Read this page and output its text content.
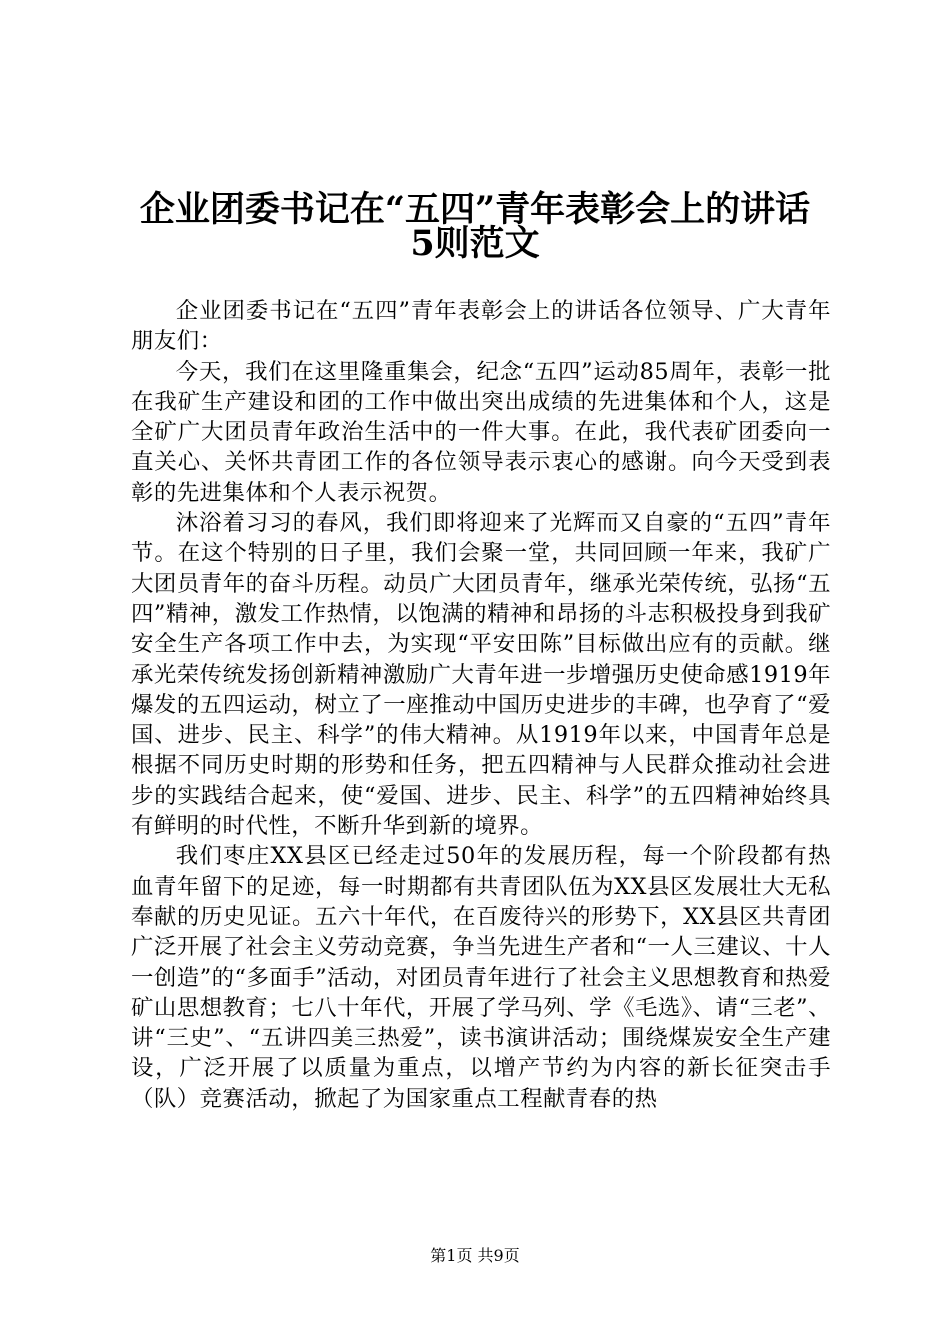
企业团委书记在“五四”青年表彰会上的讲话
5则范文

企业团委书记在“五四”青年表彰会上的讲话各位领导、广大青年朋友们：

今天，我们在这里隆重集会，纪念“五四”运动85周年，表彰一批在我矿生产建设和团的工作中做出突出成绩的先进集体和个人，这是全矿广大团员青年政治生活中的一件大事。在此，我代表矿团委向一直关心、关怀共青团工作的各位领导表示衷心的感谢。向今天受到表彰的先进集体和个人表示祝贺。

沐浴着习习的春风，我们即将迎来了光辉而又自豪的“五四”青年节。在这个特别的日子里，我们会聚一堂，共同回顾一年来，我矿广大团员青年的奋斗历程。动员广大团员青年，继承光荣传统，弘扬“五四”精神，激发工作热情，以饱满的精神和昂扬的斗志积极投身到我矿安全生产各项工作中去，为实现“平安田陈”目标做出应有的贡献。继承光荣传统发扬创新精神激励广大青年进一步增强历史使命感1919年爆发的五四运动，树立了一座推动中国历史进步的丰碑，也孕育了“爱国、进步、民主、科学”的伟大精神。从1919年以来，中国青年总是根据不同历史时期的形势和任务，把五四精神与人民群众推动社会进步的实践结合起来，使“爱国、进步、民主、科学”的五四精神始终具有鲜明的时代性，不断升华到新的境界。

我们枣庄XX县区已经走过50年的发展历程，每一个阶段都有热血青年留下的足迹，每一时期都有共青团队伍为XX县区发展壮大无私奉献的历史见证。五六十年代，在百废待兴的形势下，XX县区共青团广泛开展了社会主义劳动竞赛，争当先进生产者和“一人三建议、十人一创造”的“多面手”活动，对团员青年进行了社会主义思想教育和热爱矿山思想教育；七八十年代，开展了学马列、学《毛选》、请“三老”、讲“三史”、“五讲四美三热爱”，读书演讲活动；围绕煤炭安全生产建设，广泛开展了以质量为重点，以增产节约为内容的新长征突击手（队）竞赛活动，掀起了为国家重点工程献青春的热

第1页 共9页
